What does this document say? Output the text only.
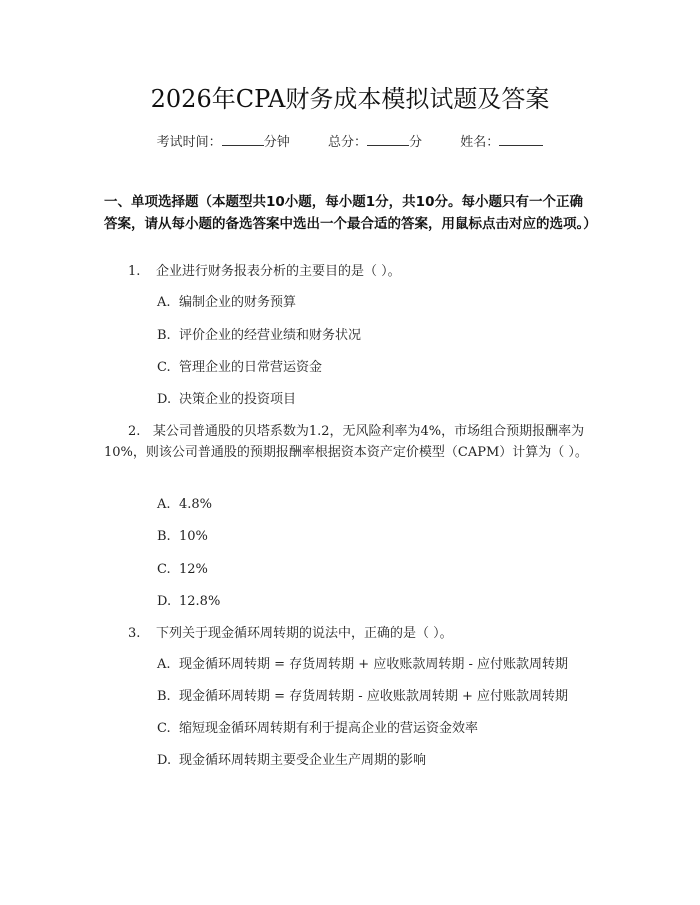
2026年CPA财务成本模拟试题及答案
考试时间：	分钟	总分：	分	姓名：
一、单项选择题（本题型共10小题，每小题1分，共10分。每小题只有一个正确答案，请从每小题的备选答案中选出一个最合适的答案，用鼠标点击对应的选项。）
1. 企业进行财务报表分析的主要目的是（ ）。
A. 编制企业的财务预算
B. 评价企业的经营业绩和财务状况
C. 管理企业的日常营运资金
D. 决策企业的投资项目
2. 某公司普通股的贝塔系数为1.2，无风险利率为4%，市场组合预期报酬率为10%，则该公司普通股的预期报酬率根据资本资产定价模型（CAPM）计算为（ ）。
A. 4.8%
B. 10%
C. 12%
D. 12.8%
3. 下列关于现金循环周转期的说法中，正确的是（ ）。
A. 现金循环周转期 = 存货周转期 + 应收账款周转期 - 应付账款周转期
B. 现金循环周转期 = 存货周转期 - 应收账款周转期 + 应付账款周转期
C. 缩短现金循环周转期有利于提高企业的营运资金效率
D. 现金循环周转期主要受企业生产周期的影响
